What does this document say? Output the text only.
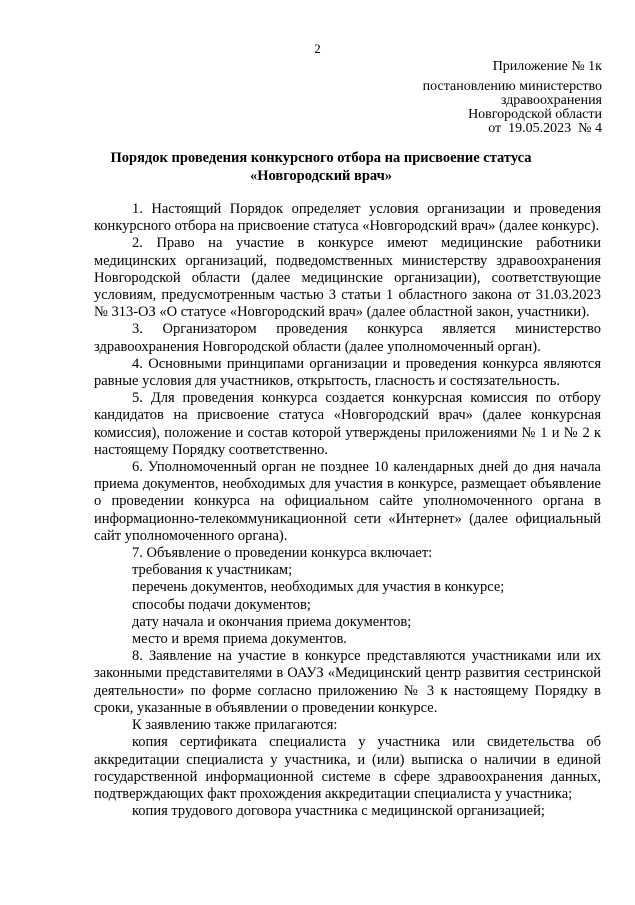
2
Приложение № 1к
постановлению министерство
здравоохранения
Новгородской области
от  19.05.2023  № 4
Порядок проведения конкурсного отбора на присвоение статуса
«Новгородский врач»

1. Настоящий Порядок определяет условия организации и проведения конкурсного отбора на присвоение статуса «Новгородский врач» (далее конкурс).

2. Право на участие в конкурсе имеют медицинские работники медицинских организаций, подведомственных министерству здравоохранения Новгородской области (далее медицинские организации), соответствующие условиям, предусмотренным частью 3 статьи 1 областного закона от 31.03.2023 № 313-ОЗ «О статусе «Новгородский врач» (далее областной закон, участники).

3. Организатором проведения конкурса является министерство здравоохранения Новгородской области (далее уполномоченный орган).

4. Основными принципами организации и проведения конкурса являются равные условия для участников, открытость, гласность и состязательность.

5. Для проведения конкурса создается конкурсная комиссия по отбору кандидатов на присвоение статуса «Новгородский врач» (далее конкурсная комиссия), положение и состав которой утверждены приложениями № 1 и № 2 к настоящему Порядку соответственно.

6. Уполномоченный орган не позднее 10 календарных дней до дня начала приема документов, необходимых для участия в конкурсе, размещает объявление о проведении конкурса на официальном сайте уполномоченного органа в информационно-телекоммуникационной сети «Интернет» (далее официальный сайт уполномоченного органа).

7. Объявление о проведении конкурса включает:

требования к участникам;

перечень документов, необходимых для участия в конкурсе;

способы подачи документов;

дату начала и окончания приема документов;

место и время приема документов.

8. Заявление на участие в конкурсе представляются участниками или их законными представителями в ОАУЗ «Медицинский центр развития сестринской деятельности» по форме согласно приложению № 3 к настоящему Порядку в сроки, указанные в объявлении о проведении конкурсе.

К заявлению также прилагаются:

копия сертификата специалиста у участника или свидетельства об аккредитации специалиста у участника, и (или) выписка о наличии в единой государственной информационной системе в сфере здравоохранения данных, подтверждающих факт прохождения аккредитации специалиста у участника;

копия трудового договора участника с медицинской организацией;
